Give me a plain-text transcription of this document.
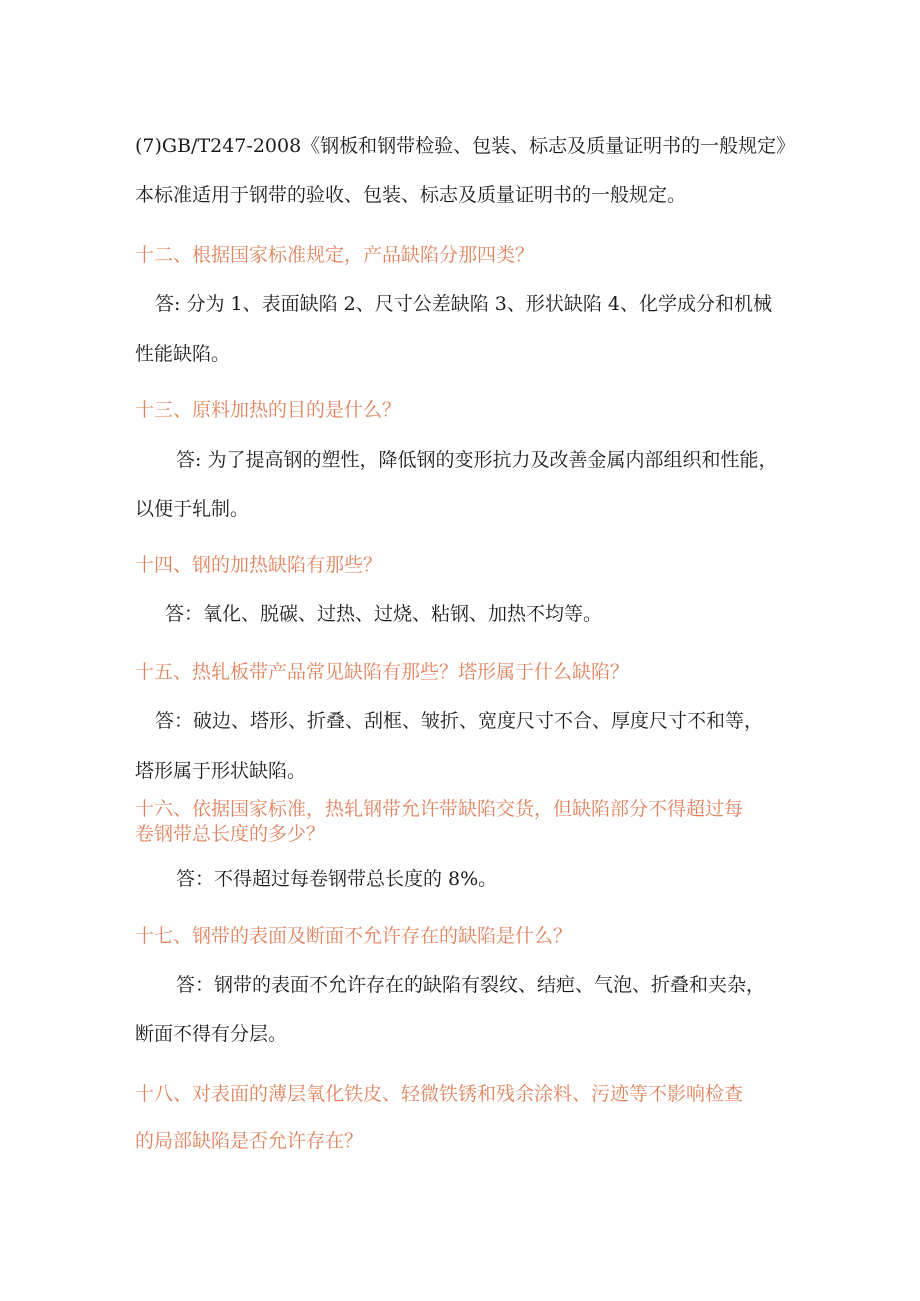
(7)GB/T247-2008《钢板和钢带检验、包装、标志及质量证明书的一般规定》
本标准适用于钢带的验收、包装、标志及质量证明书的一般规定。
十二、根据国家标准规定，产品缺陷分那四类？
答: 分为 1、表面缺陷 2、尺寸公差缺陷 3、形状缺陷 4、化学成分和机械
性能缺陷。
十三、原料加热的目的是什么？
答: 为了提高钢的塑性，降低钢的变形抗力及改善金属内部组织和性能，
以便于轧制。
十四、钢的加热缺陷有那些？
答：氧化、脱碳、过热、过烧、粘钢、加热不均等。
十五、热轧板带产品常见缺陷有那些？塔形属于什么缺陷？
答：破边、塔形、折叠、刮框、皱折、宽度尺寸不合、厚度尺寸不和等，
塔形属于形状缺陷。
十六、依据国家标准，热轧钢带允许带缺陷交货，但缺陷部分不得超过每
卷钢带总长度的多少？
答：不得超过每卷钢带总长度的 8%。
十七、钢带的表面及断面不允许存在的缺陷是什么？
答：钢带的表面不允许存在的缺陷有裂纹、结疤、气泡、折叠和夹杂，
断面不得有分层。
十八、对表面的薄层氧化铁皮、轻微铁锈和残余涂料、污迹等不影响检查
的局部缺陷是否允许存在？
